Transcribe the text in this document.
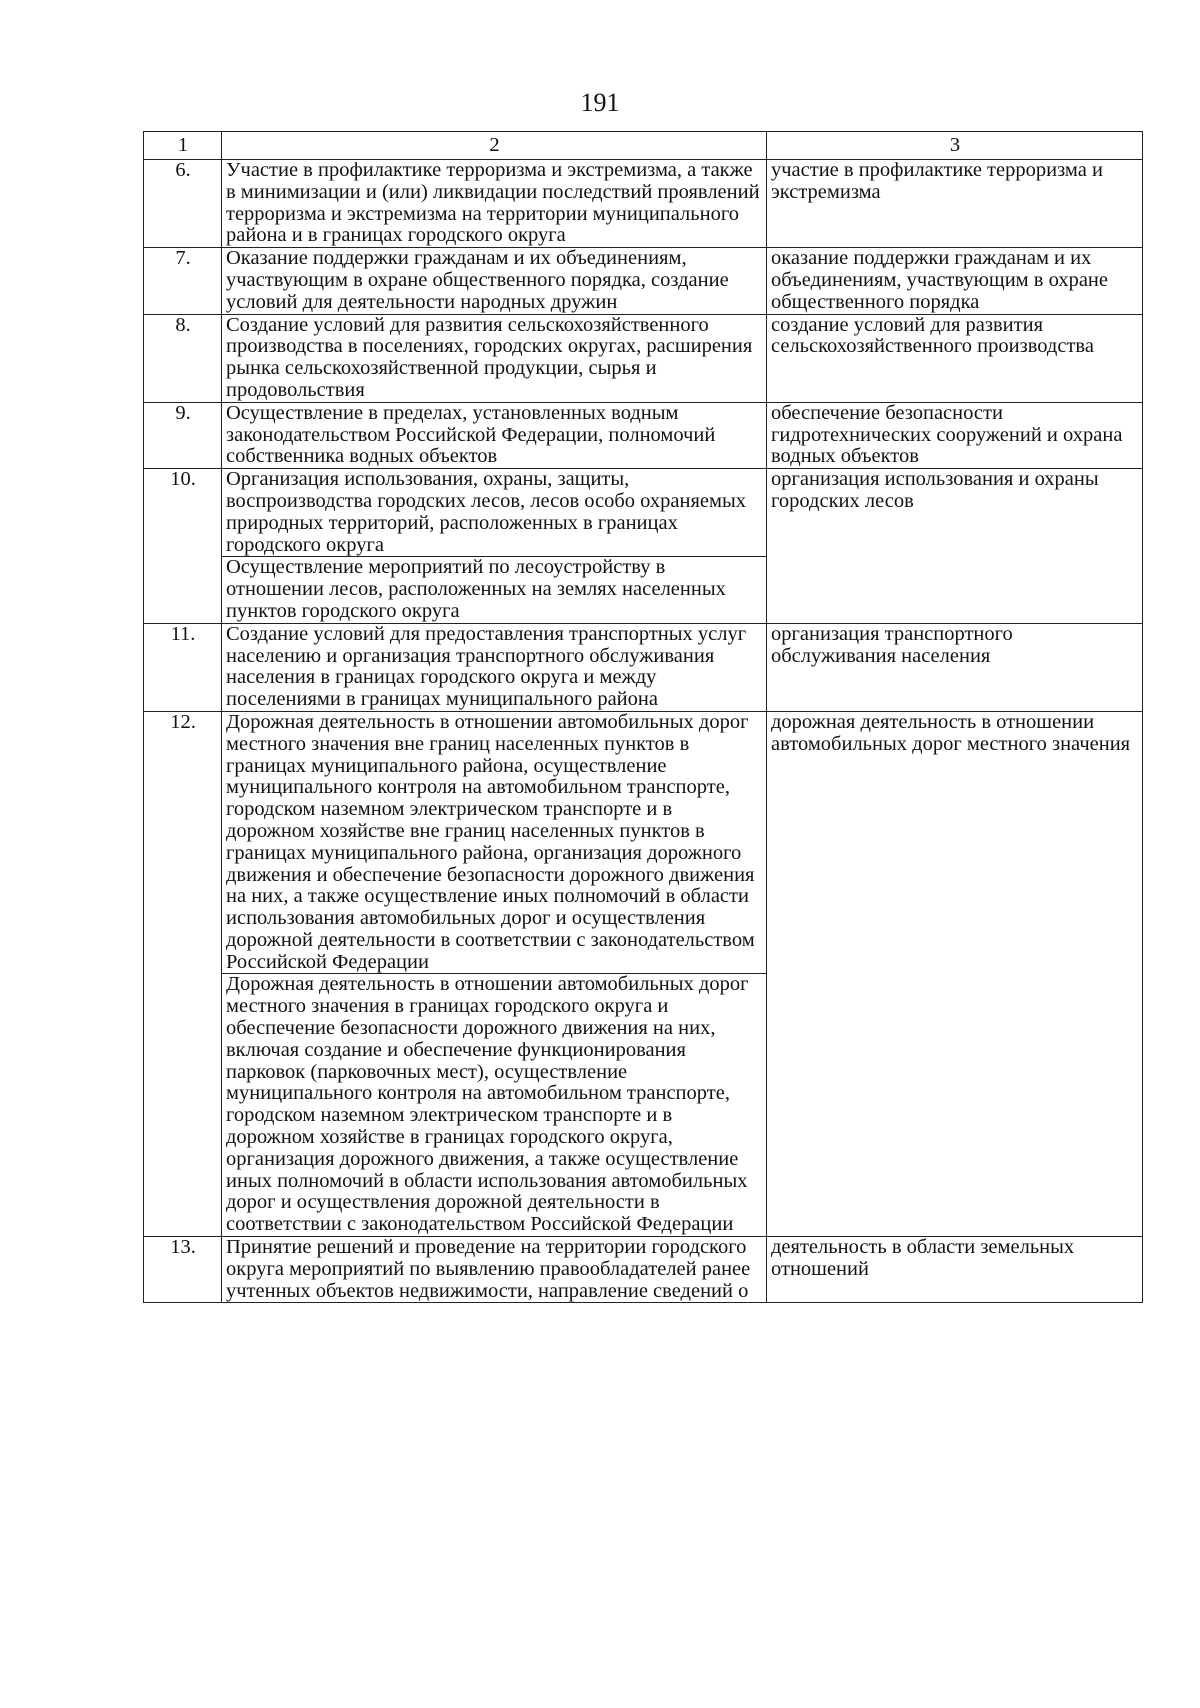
191
1	2	3
6.	Участие в профилактике терроризма и экстремизма, а также в минимизации и (или) ликвидации последствий проявлений терроризма и экстремизма на территории муниципального района и в границах городского округа	участие в профилактике терроризма и экстремизма
7.	Оказание поддержки гражданам и их объединениям, участвующим в охране общественного порядка, создание условий для деятельности народных дружин	оказание поддержки гражданам и их объединениям, участвующим в охране общественного порядка
8.	Создание условий для развития сельскохозяйственного производства в поселениях, городских округах, расширения рынка сельскохозяйственной продукции, сырья и продовольствия	создание условий для развития сельскохозяйственного производства
9.	Осуществление в пределах, установленных водным законодательством Российской Федерации, полномочий собственника водных объектов	обеспечение безопасности гидротехнических сооружений и охрана водных объектов
10.	Организация использования, охраны, защиты, воспроизводства городских лесов, лесов особо охраняемых природных территорий, расположенных в границах городского округа	организация использования и охраны городских лесов
	Осуществление мероприятий по лесоустройству в отношении лесов, расположенных на землях населенных пунктов городского округа	
11.	Создание условий для предоставления транспортных услуг населению и организация транспортного обслуживания населения в границах городского округа и между поселениями в границах муниципального района	организация транспортного обслуживания населения
12.	Дорожная деятельность в отношении автомобильных дорог местного значения вне границ населенных пунктов в границах муниципального района, осуществление муниципального контроля на автомобильном транспорте, городском наземном электрическом транспорте и в дорожном хозяйстве вне границ населенных пунктов в границах муниципального района, организация дорожного движения и обеспечение безопасности дорожного движения на них, а также осуществление иных полномочий в области использования автомобильных дорог и осуществления дорожной деятельности в соответствии с законодательством Российской Федерации	дорожная деятельность в отношении автомобильных дорог местного значения
	Дорожная деятельность в отношении автомобильных дорог местного значения в границах городского округа и обеспечение безопасности дорожного движения на них, включая создание и обеспечение функционирования парковок (парковочных мест), осуществление муниципального контроля на автомобильном транспорте, городском наземном электрическом транспорте и в дорожном хозяйстве в границах городского округа, организация дорожного движения, а также осуществление иных полномочий в области использования автомобильных дорог и осуществления дорожной деятельности в соответствии с законодательством Российской Федерации	
13.	Принятие решений и проведение на территории городского округа мероприятий по выявлению правообладателей ранее учтенных объектов недвижимости, направление сведений о	деятельность в области земельных отношений
